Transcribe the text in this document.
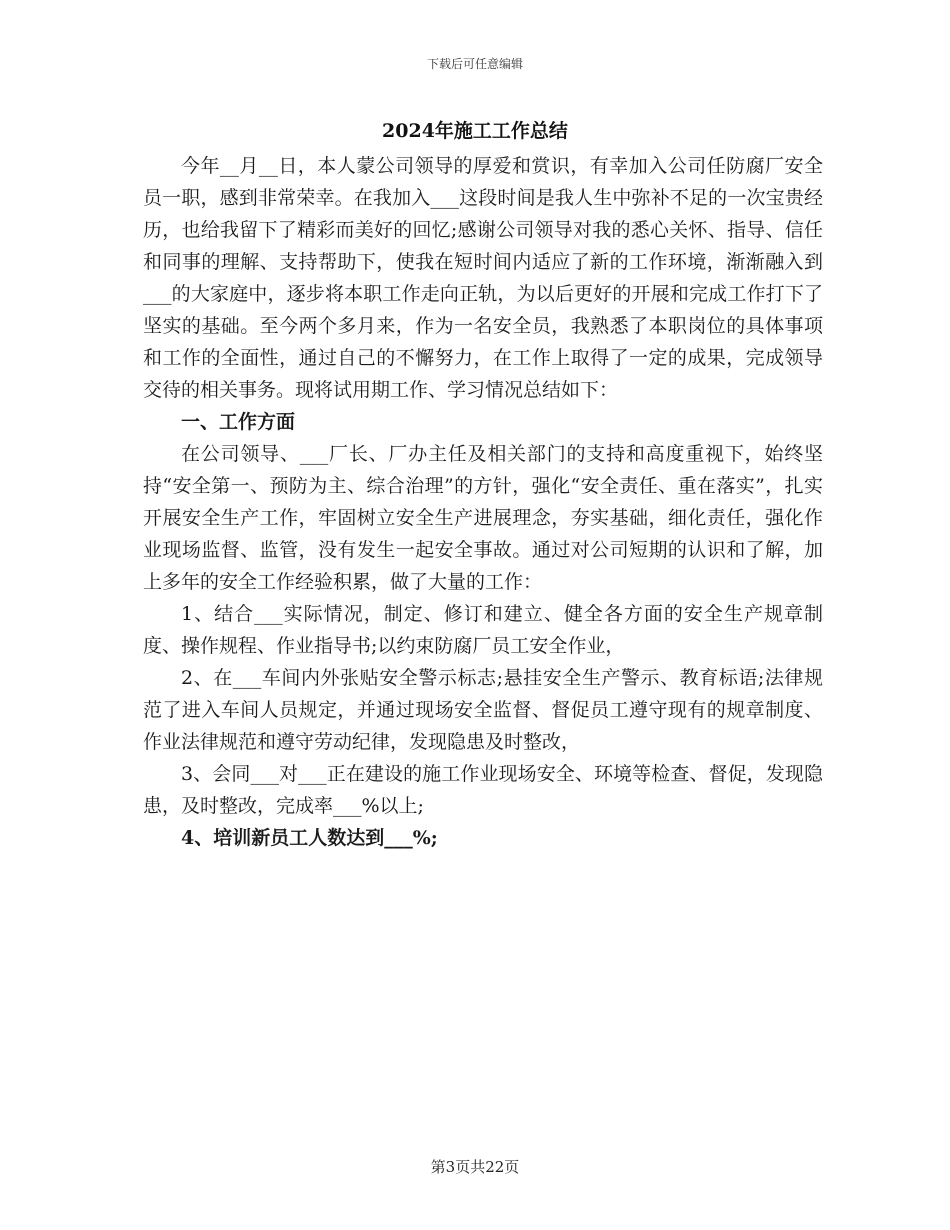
下载后可任意编辑
2024年施工工作总结

今年__月__日，本人蒙公司领导的厚爱和赏识，有幸加入公司任防腐厂安全员一职，感到非常荣幸。在我加入___这段时间是我人生中弥补不足的一次宝贵经历，也给我留下了精彩而美好的回忆;感谢公司领导对我的悉心关怀、指导、信任和同事的理解、支持帮助下，使我在短时间内适应了新的工作环境，渐渐融入到___的大家庭中，逐步将本职工作走向正轨，为以后更好的开展和完成工作打下了坚实的基础。至今两个多月来，作为一名安全员，我熟悉了本职岗位的具体事项和工作的全面性，通过自己的不懈努力，在工作上取得了一定的成果，完成领导交待的相关事务。现将试用期工作、学习情况总结如下：

一、工作方面

在公司领导、___厂长、厂办主任及相关部门的支持和高度重视下，始终坚持“安全第一、预防为主、综合治理”的方针，强化“安全责任、重在落实”，扎实开展安全生产工作，牢固树立安全生产进展理念，夯实基础，细化责任，强化作业现场监督、监管，没有发生一起安全事故。通过对公司短期的认识和了解，加上多年的安全工作经验积累，做了大量的工作：

1、结合___实际情况，制定、修订和建立、健全各方面的安全生产规章制度、操作规程、作业指导书;以约束防腐厂员工安全作业，

2、在___车间内外张贴安全警示标志;悬挂安全生产警示、教育标语;法律规范了进入车间人员规定，并通过现场安全监督、督促员工遵守现有的规章制度、作业法律规范和遵守劳动纪律，发现隐患及时整改，

3、会同___对___正在建设的施工作业现场安全、环境等检查、督促，发现隐患，及时整改，完成率___%以上;

4、培训新员工人数达到___%;

第3页共22页
